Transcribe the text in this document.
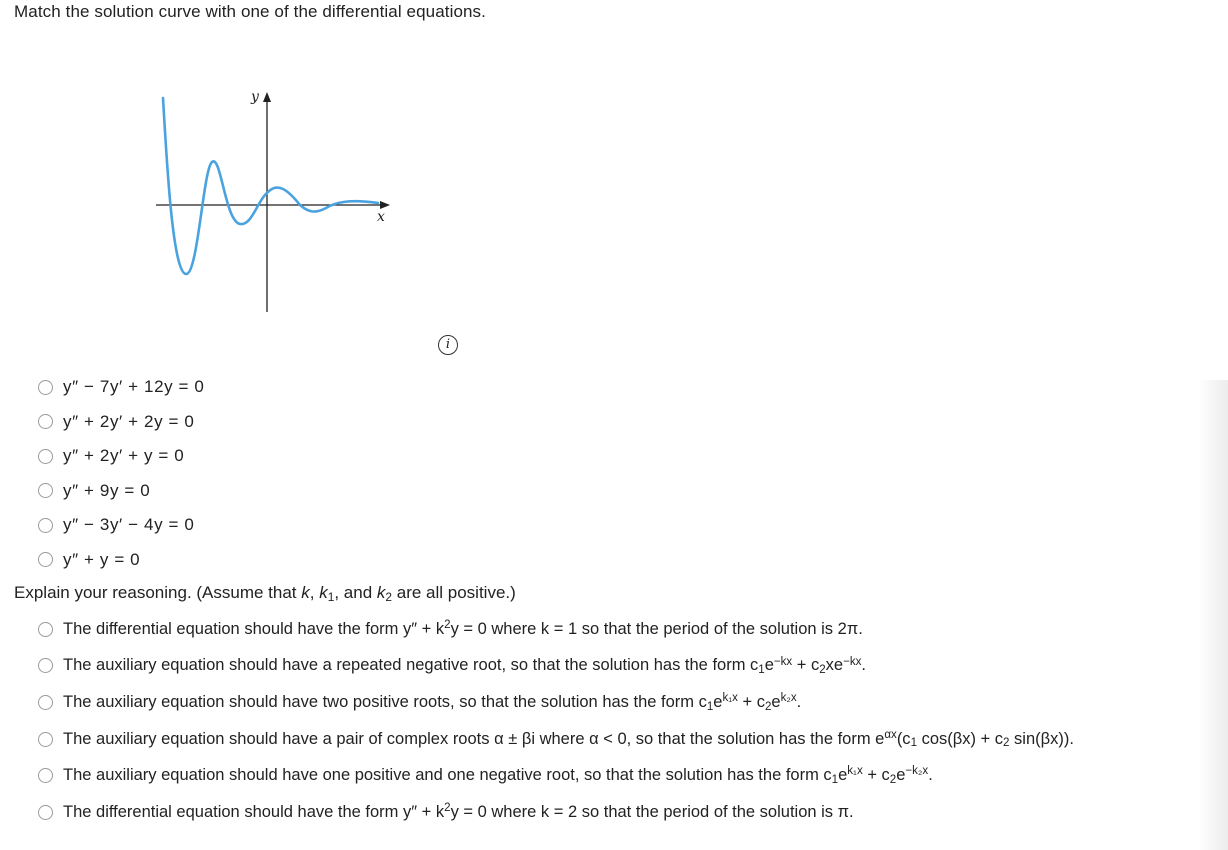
Match the solution curve with one of the differential equations.
y
x
i
y″ − 7y′ + 12y = 0
y″ + 2y′ + 2y = 0
y″ + 2y′ + y = 0
y″ + 9y = 0
y″ − 3y′ − 4y = 0
y″ + y = 0
Explain your reasoning. (Assume that k, $k_1$, and $k_2$ are all positive.)
The differential equation should have the form $y'' + k^2y = 0$ where k = 1 so that the period of the solution is 2π.
The auxiliary equation should have a repeated negative root, so that the solution has the form $c_1e^{-kx} + c_2xe^{-kx}$.
The auxiliary equation should have two positive roots, so that the solution has the form $c_1e^{k_1x} + c_2e^{k_2x}$.
The auxiliary equation should have a pair of complex roots α ± βi where α < 0, so that the solution has the form $e^{\alpha x}(c_1$ $\cos(\beta x) + c_2$ sin(βx)).
The auxiliary equation should have one positive and one negative root, so that the solution has the form $c_1e^{k_1x} + c_2e^{-k_2x}$.
The differential equation should have the form $y'' + k^2y = 0$ where k = 2 so that the period of the solution is π.
